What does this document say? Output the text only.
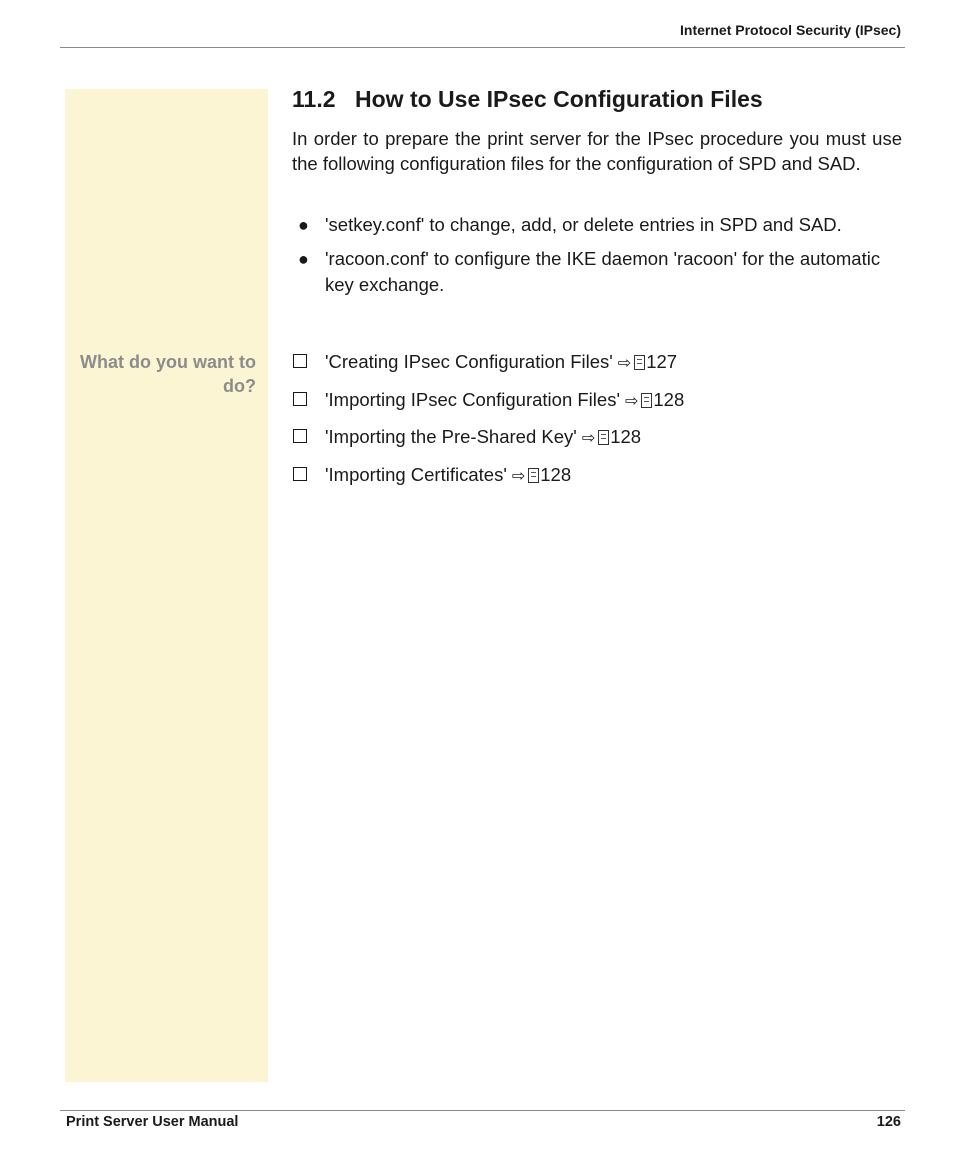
Internet Protocol Security (IPsec)
What do you want to do?
11.2 How to Use IPsec Configuration Files

In order to prepare the print server for the IPsec procedure you must use the following configuration files for the configuration of SPD and SAD.

● 'setkey.conf' to change, add, or delete entries in SPD and SAD.
● 'racoon.conf' to configure the IKE daemon 'racoon' for the automatic key exchange.
'Creating IPsec Configuration Files' ⇨ 127
'Importing IPsec Configuration Files' ⇨ 128
'Importing the Pre-Shared Key' ⇨ 128
'Importing Certificates' ⇨ 128
Print Server User Manual	126
